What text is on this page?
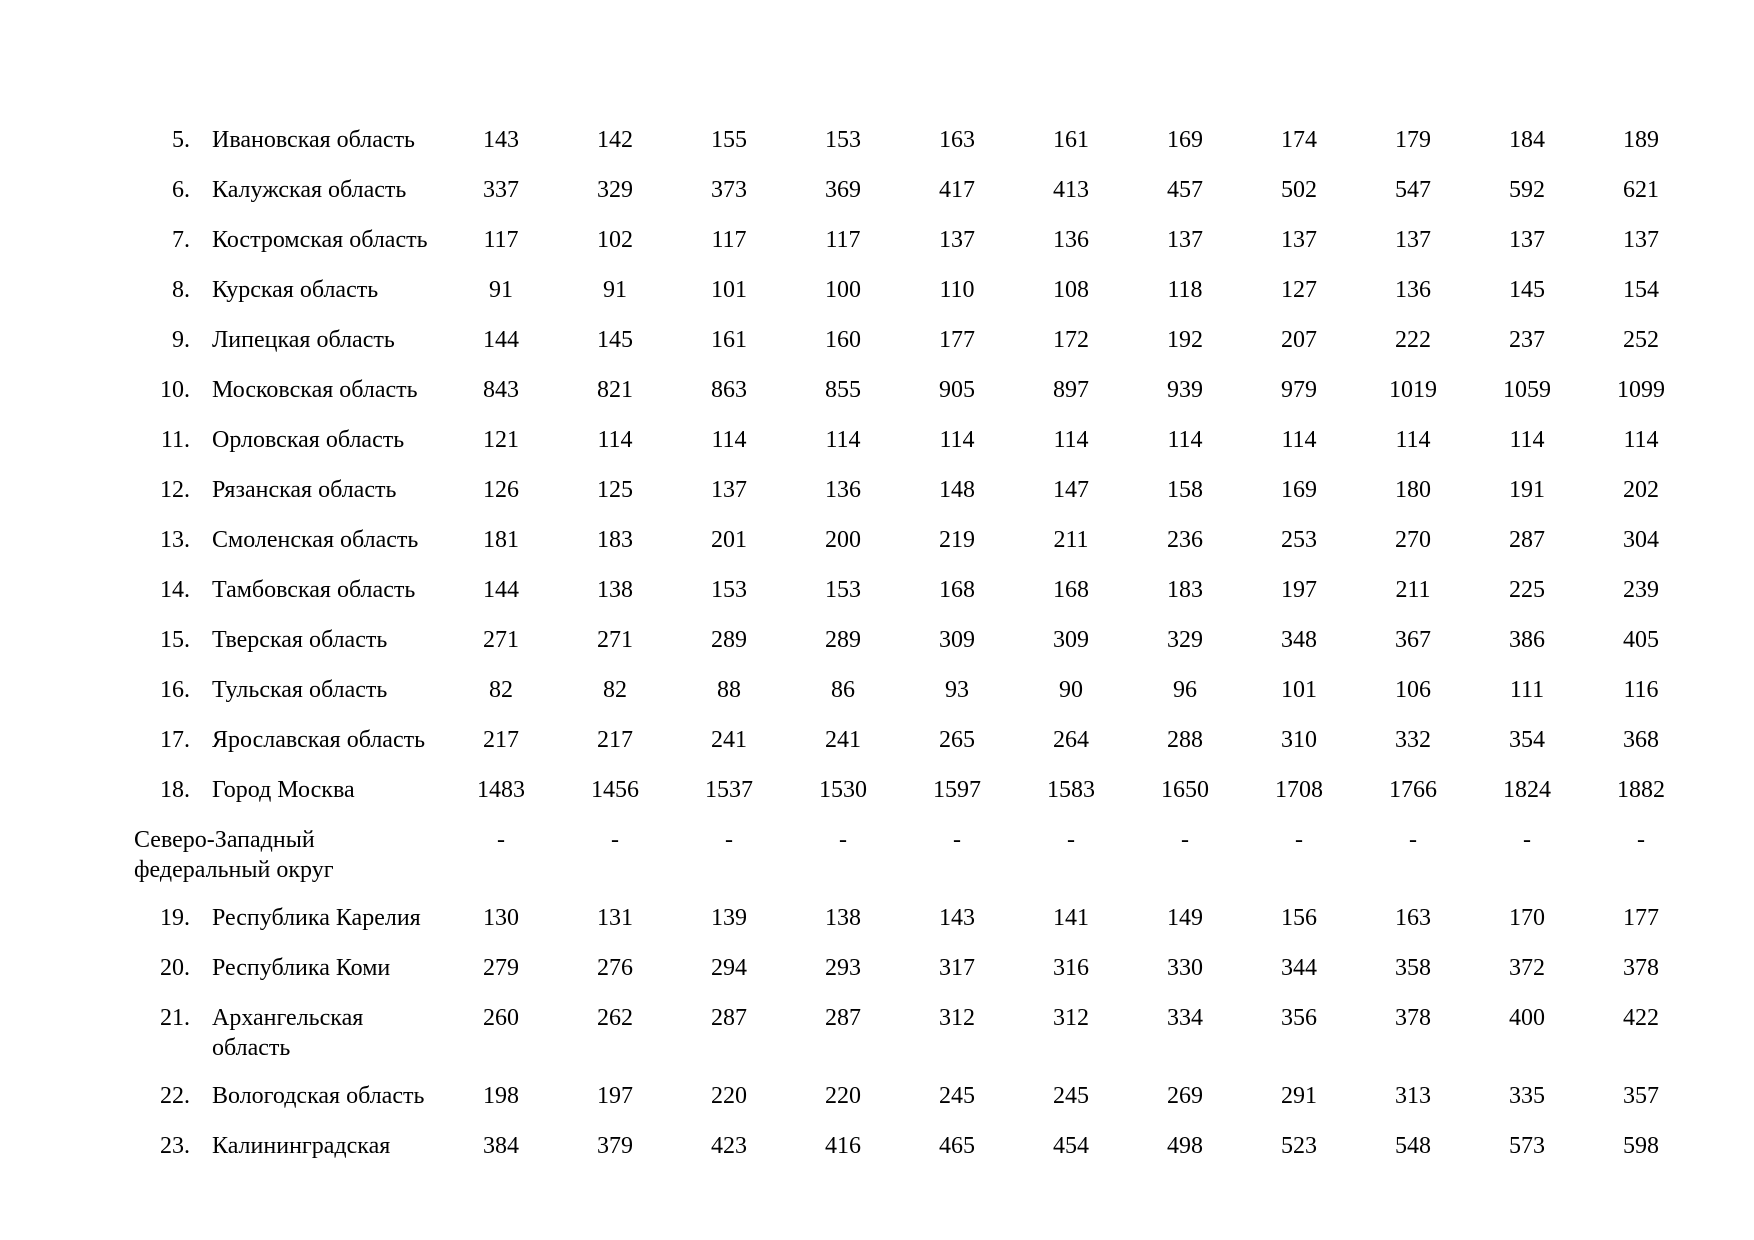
5.	Ивановская область	143	142	155	153	163	161	169	174	179	184	189
6.	Калужская область	337	329	373	369	417	413	457	502	547	592	621
7.	Костромская область	117	102	117	117	137	136	137	137	137	137	137
8.	Курская область	91	91	101	100	110	108	118	127	136	145	154
9.	Липецкая область	144	145	161	160	177	172	192	207	222	237	252
10.	Московская область	843	821	863	855	905	897	939	979	1019	1059	1099
11.	Орловская область	121	114	114	114	114	114	114	114	114	114	114
12.	Рязанская область	126	125	137	136	148	147	158	169	180	191	202
13.	Смоленская область	181	183	201	200	219	211	236	253	270	287	304
14.	Тамбовская область	144	138	153	153	168	168	183	197	211	225	239
15.	Тверская область	271	271	289	289	309	309	329	348	367	386	405
16.	Тульская область	82	82	88	86	93	90	96	101	106	111	116
17.	Ярославская область	217	217	241	241	265	264	288	310	332	354	368
18.	Город Москва	1483	1456	1537	1530	1597	1583	1650	1708	1766	1824	1882
Северо-Западный федеральный округ	-	-	-	-	-	-	-	-	-	-	-
19.	Республика Карелия	130	131	139	138	143	141	149	156	163	170	177
20.	Республика Коми	279	276	294	293	317	316	330	344	358	372	378
21.	Архангельская область	260	262	287	287	312	312	334	356	378	400	422
22.	Вологодская область	198	197	220	220	245	245	269	291	313	335	357
23.	Калининградская	384	379	423	416	465	454	498	523	548	573	598
